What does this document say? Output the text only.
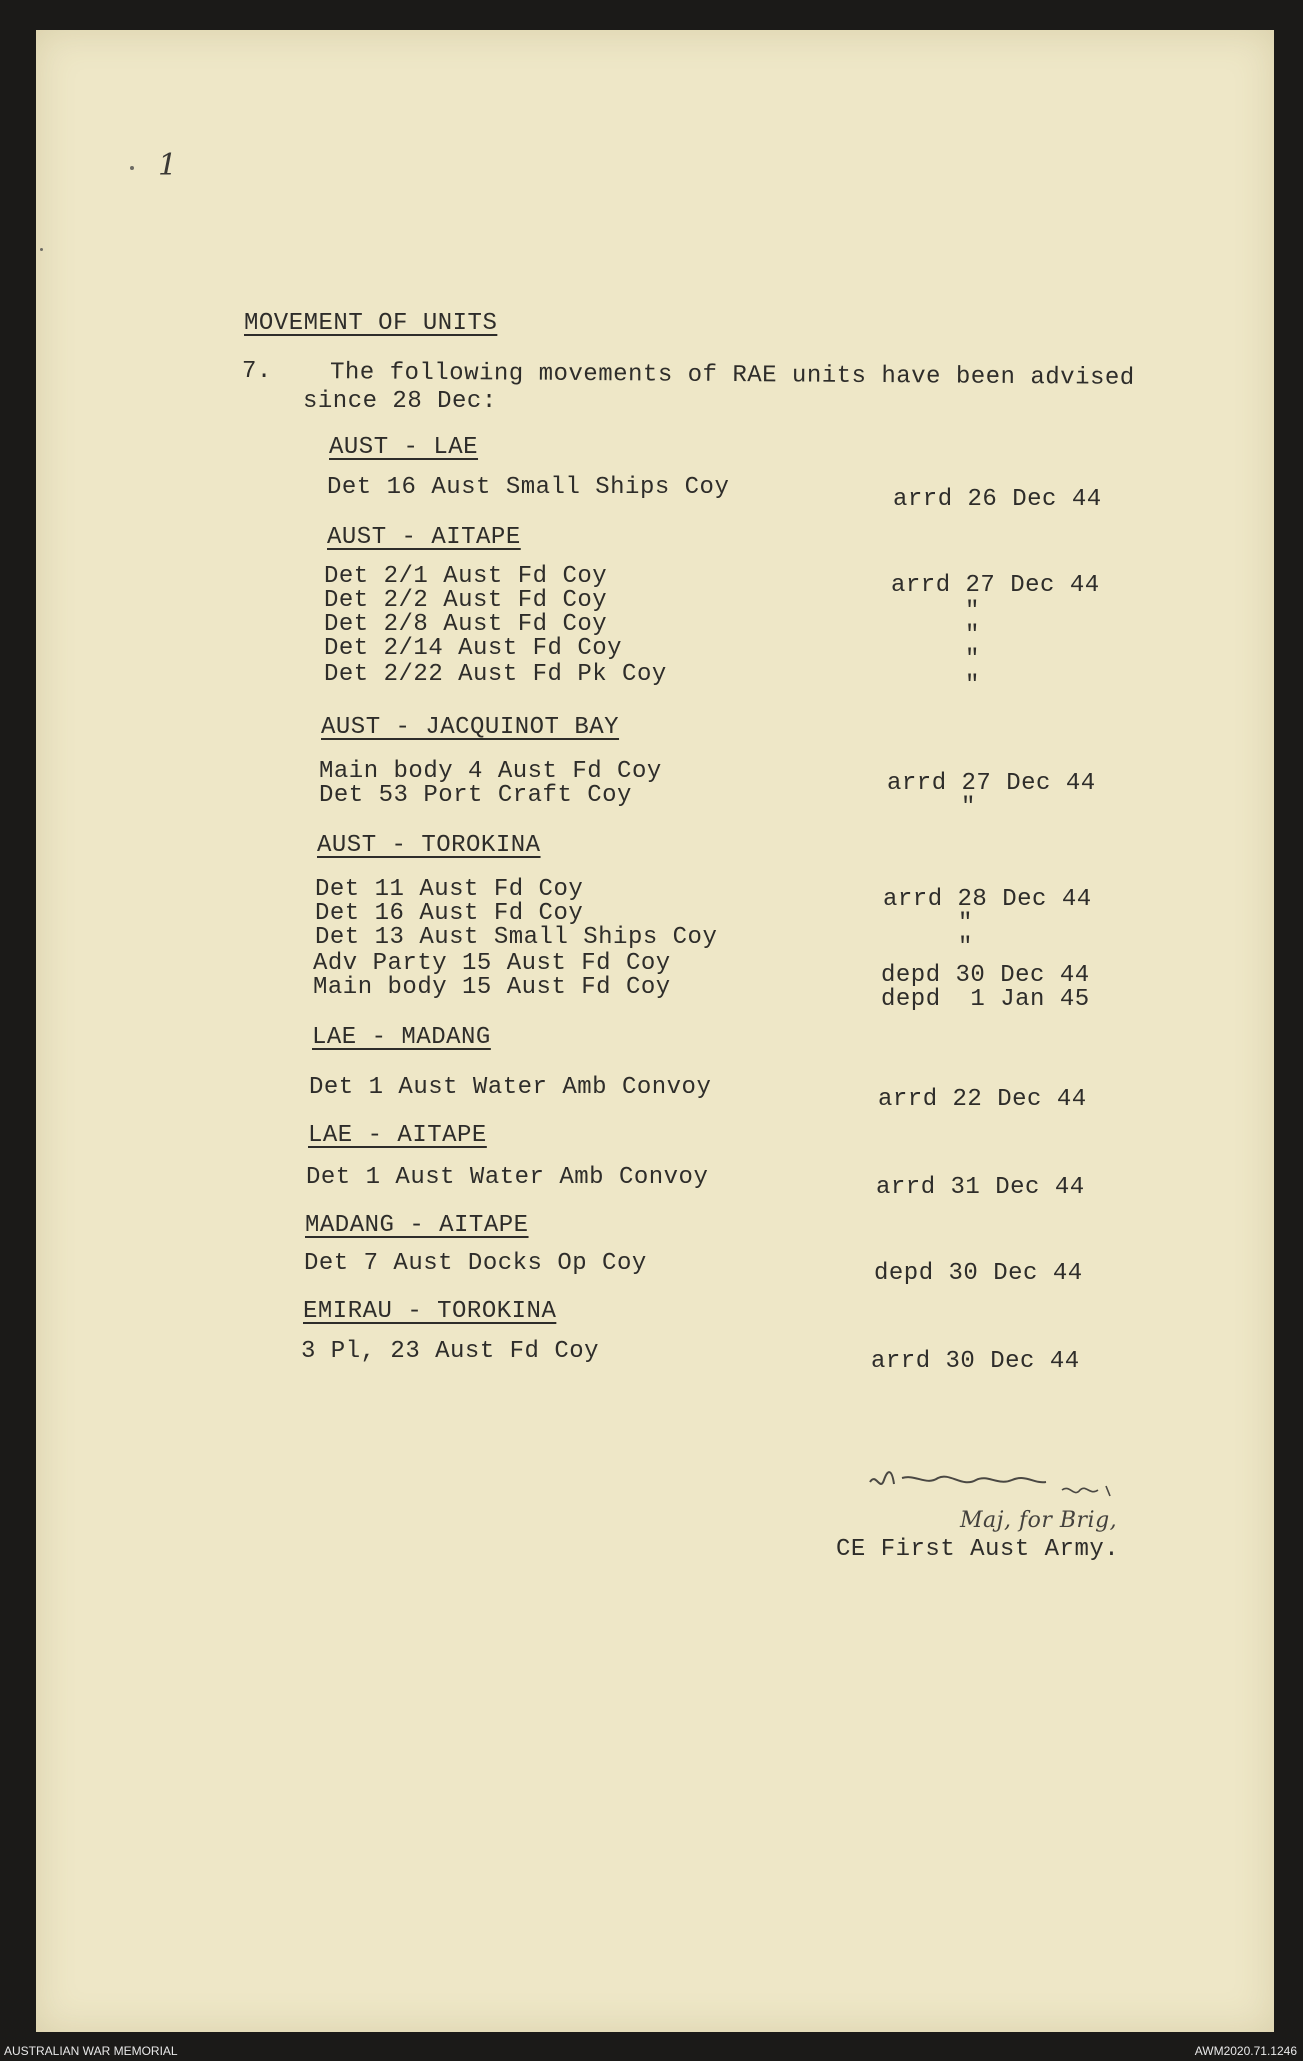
1
MOVEMENT OF UNITS
7. The following movements of RAE units have been advised
since 28 Dec:
AUST - LAE
Det 16 Aust Small Ships Coy	arrd 26 Dec 44
AUST - AITAPE
Det 2/1 Aust Fd Coy	arrd 27 Dec 44
Det 2/2 Aust Fd Coy	"
Det 2/8 Aust Fd Coy	"
Det 2/14 Aust Fd Coy	"
Det 2/22 Aust Fd Pk Coy	"
AUST - JACQUINOT BAY
Main body 4 Aust Fd Coy	arrd 27 Dec 44
Det 53 Port Craft Coy	"
AUST - TOROKINA
Det 11 Aust Fd Coy	arrd 28 Dec 44
Det 16 Aust Fd Coy	"
Det 13 Aust Small Ships Coy	"
Adv Party 15 Aust Fd Coy	depd 30 Dec 44
Main body 15 Aust Fd Coy	depd  1 Jan 45
LAE - MADANG
Det 1 Aust Water Amb Convoy	arrd 22 Dec 44
LAE - AITAPE
Det 1 Aust Water Amb Convoy	arrd 31 Dec 44
MADANG - AITAPE
Det 7 Aust Docks Op Coy	depd 30 Dec 44
EMIRAU - TOROKINA
3 Pl, 23 Aust Fd Coy	arrd 30 Dec 44
Maj, for Brig,
CE First Aust Army.
AUSTRALIAN WAR MEMORIAL	AWM2020.71.1246
